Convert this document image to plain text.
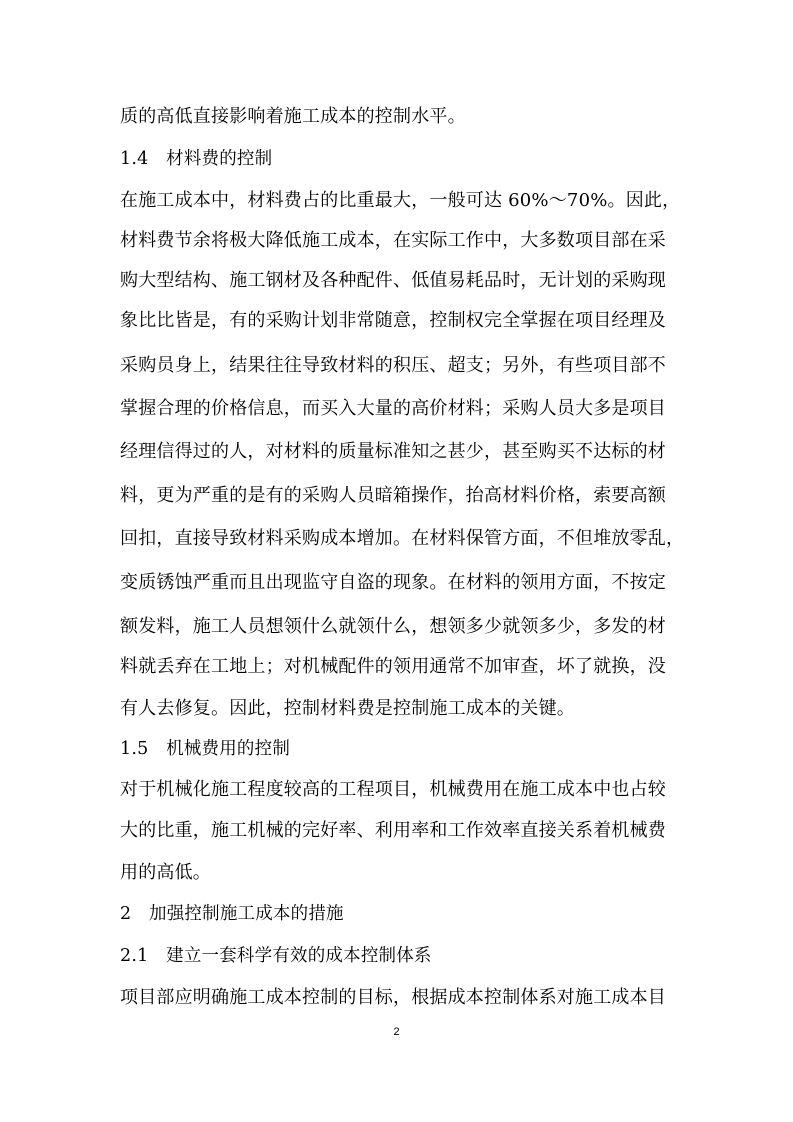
质的高低直接影响着施工成本的控制水平。
1.4　材料费的控制
在施工成本中，材料费占的比重最大，一般可达 60%～70%。因此，
材料费节余将极大降低施工成本，在实际工作中，大多数项目部在采
购大型结构、施工钢材及各种配件、低值易耗品时，无计划的采购现
象比比皆是，有的采购计划非常随意，控制权完全掌握在项目经理及
采购员身上，结果往往导致材料的积压、超支；另外，有些项目部不
掌握合理的价格信息，而买入大量的高价材料；采购人员大多是项目
经理信得过的人，对材料的质量标准知之甚少，甚至购买不达标的材
料，更为严重的是有的采购人员暗箱操作，抬高材料价格，索要高额
回扣，直接导致材料采购成本增加。在材料保管方面，不但堆放零乱，
变质锈蚀严重而且出现监守自盗的现象。在材料的领用方面，不按定
额发料，施工人员想领什么就领什么，想领多少就领多少，多发的材
料就丢弃在工地上；对机械配件的领用通常不加审查，坏了就换，没
有人去修复。因此，控制材料费是控制施工成本的关键。
1.5　机械费用的控制
对于机械化施工程度较高的工程项目，机械费用在施工成本中也占较
大的比重，施工机械的完好率、利用率和工作效率直接关系着机械费
用的高低。
2　加强控制施工成本的措施
2.1　建立一套科学有效的成本控制体系
项目部应明确施工成本控制的目标，根据成本控制体系对施工成本目
2
